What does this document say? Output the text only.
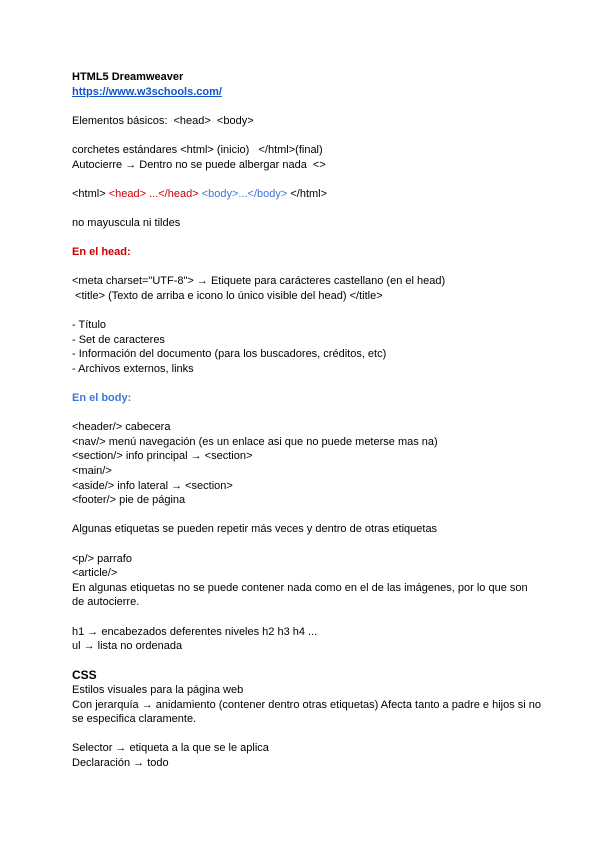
HTML5 Dreamweaver
https://www.w3schools.com/
Elementos básicos:  <head>  <body>
corchetes estándares <html> (inicio)   </html>(final)
Autocierre → Dentro no se puede albergar nada  <>
<html> <head> ...</head> <body>...</body> </html>
no mayuscula ni tildes
En el head:
<meta charset="UTF-8"> → Etiquete para carácteres castellano (en el head)
<title> (Texto de arriba e icono lo único visible del head) </title>
- Título
- Set de caracteres
- Información del documento (para los buscadores, créditos, etc)
- Archivos externos, links
En el body:
<header/> cabecera
<nav/> menú navegación (es un enlace asi que no puede meterse mas na)
<section/> info principal → <section>
<main/>
<aside/> info lateral → <section>
<footer/> pie de página
Algunas etiquetas se pueden repetir más veces y dentro de otras etiquetas
<p/> parrafo
<article/>
En algunas etiquetas no se puede contener nada como en el de las imágenes, por lo que son de autocierre.
h1 → encabezados deferentes niveles h2 h3 h4 ...
ul → lista no ordenada
CSS
Estilos visuales para la página web
Con jerarquía → anidamiento (contener dentro otras etiquetas) Afecta tanto a padre e hijos si no se especifica claramente.
Selector → etiqueta a la que se le aplica
Declaración → todo
